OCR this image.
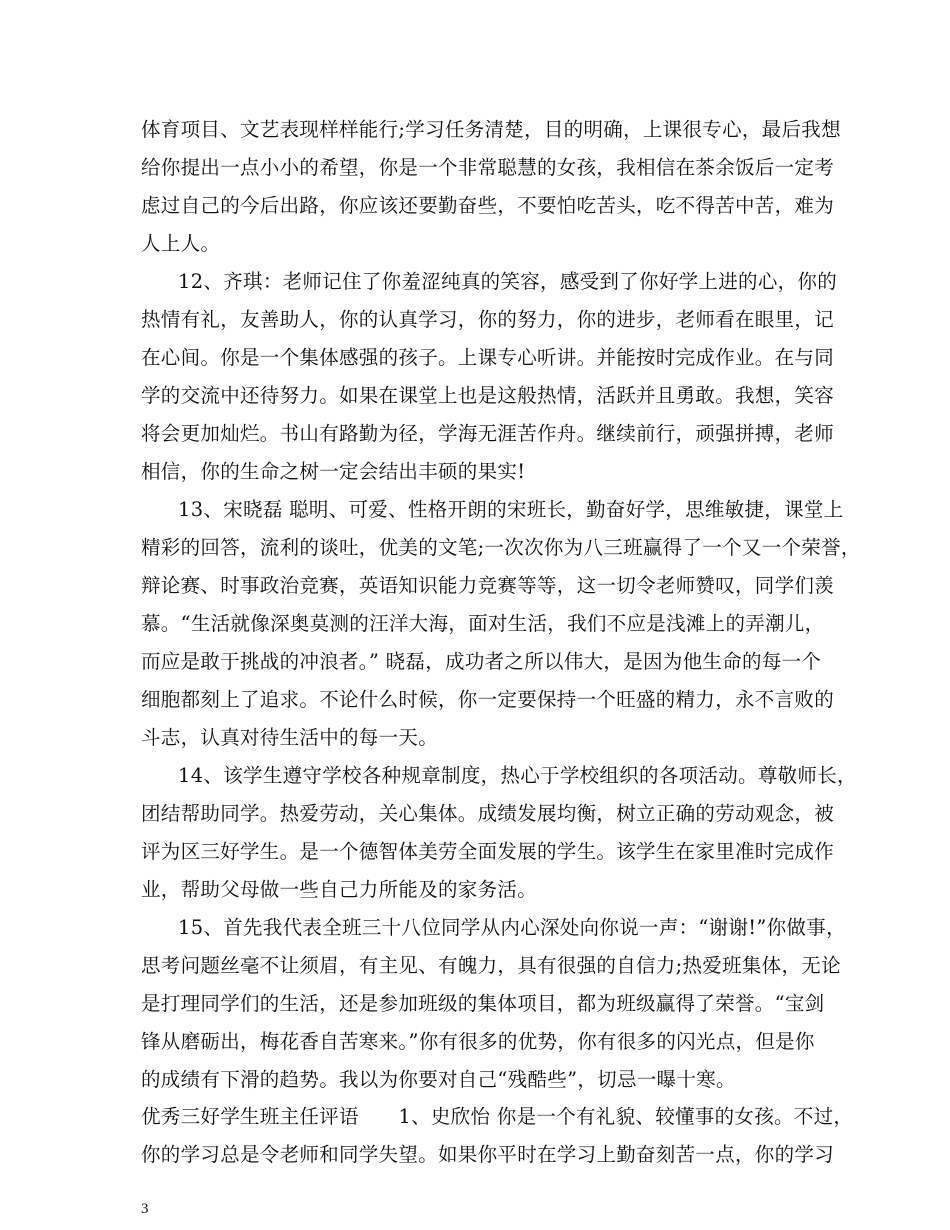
体育项目、文艺表现样样能行;学习任务清楚，目的明确，上课很专心，最后我想
给你提出一点小小的希望，你是一个非常聪慧的女孩，我相信在茶余饭后一定考
虑过自己的今后出路，你应该还要勤奋些，不要怕吃苦头，吃不得苦中苦，难为
人上人。
12、齐琪：老师记住了你羞涩纯真的笑容，感受到了你好学上进的心，你的
热情有礼，友善助人，你的认真学习，你的努力，你的进步，老师看在眼里，记
在心间。你是一个集体感强的孩子。上课专心听讲。并能按时完成作业。在与同
学的交流中还待努力。如果在课堂上也是这般热情，活跃并且勇敢。我想，笑容
将会更加灿烂。书山有路勤为径，学海无涯苦作舟。继续前行，顽强拼搏，老师
相信，你的生命之树一定会结出丰硕的果实!
13、宋晓磊 聪明、可爱、性格开朗的宋班长，勤奋好学，思维敏捷，课堂上
精彩的回答，流利的谈吐，优美的文笔;一次次你为八三班赢得了一个又一个荣誉，
辩论赛、时事政治竞赛，英语知识能力竞赛等等，这一切令老师赞叹，同学们羡
慕。“生活就像深奥莫测的汪洋大海，面对生活，我们不应是浅滩上的弄潮儿，
而应是敢于挑战的冲浪者。” 晓磊，成功者之所以伟大，是因为他生命的每一个
细胞都刻上了追求。不论什么时候，你一定要保持一个旺盛的精力，永不言败的
斗志，认真对待生活中的每一天。
14、该学生遵守学校各种规章制度，热心于学校组织的各项活动。尊敬师长，
团结帮助同学。热爱劳动，关心集体。成绩发展均衡，树立正确的劳动观念，被
评为区三好学生。是一个德智体美劳全面发展的学生。该学生在家里准时完成作
业，帮助父母做一些自己力所能及的家务活。
15、首先我代表全班三十八位同学从内心深处向你说一声：“谢谢!”你做事，
思考问题丝毫不让须眉，有主见、有魄力，具有很强的自信力;热爱班集体，无论
是打理同学们的生活，还是参加班级的集体项目，都为班级赢得了荣誉。“宝剑
锋从磨砺出，梅花香自苦寒来。”你有很多的优势，你有很多的闪光点，但是你
的成绩有下滑的趋势。我以为你要对自己“残酷些”，切忌一曝十寒。
优秀三好学生班主任评语　　1、史欣怡 你是一个有礼貌、较懂事的女孩。不过，
你的学习总是令老师和同学失望。如果你平时在学习上勤奋刻苦一点，你的学习
3
